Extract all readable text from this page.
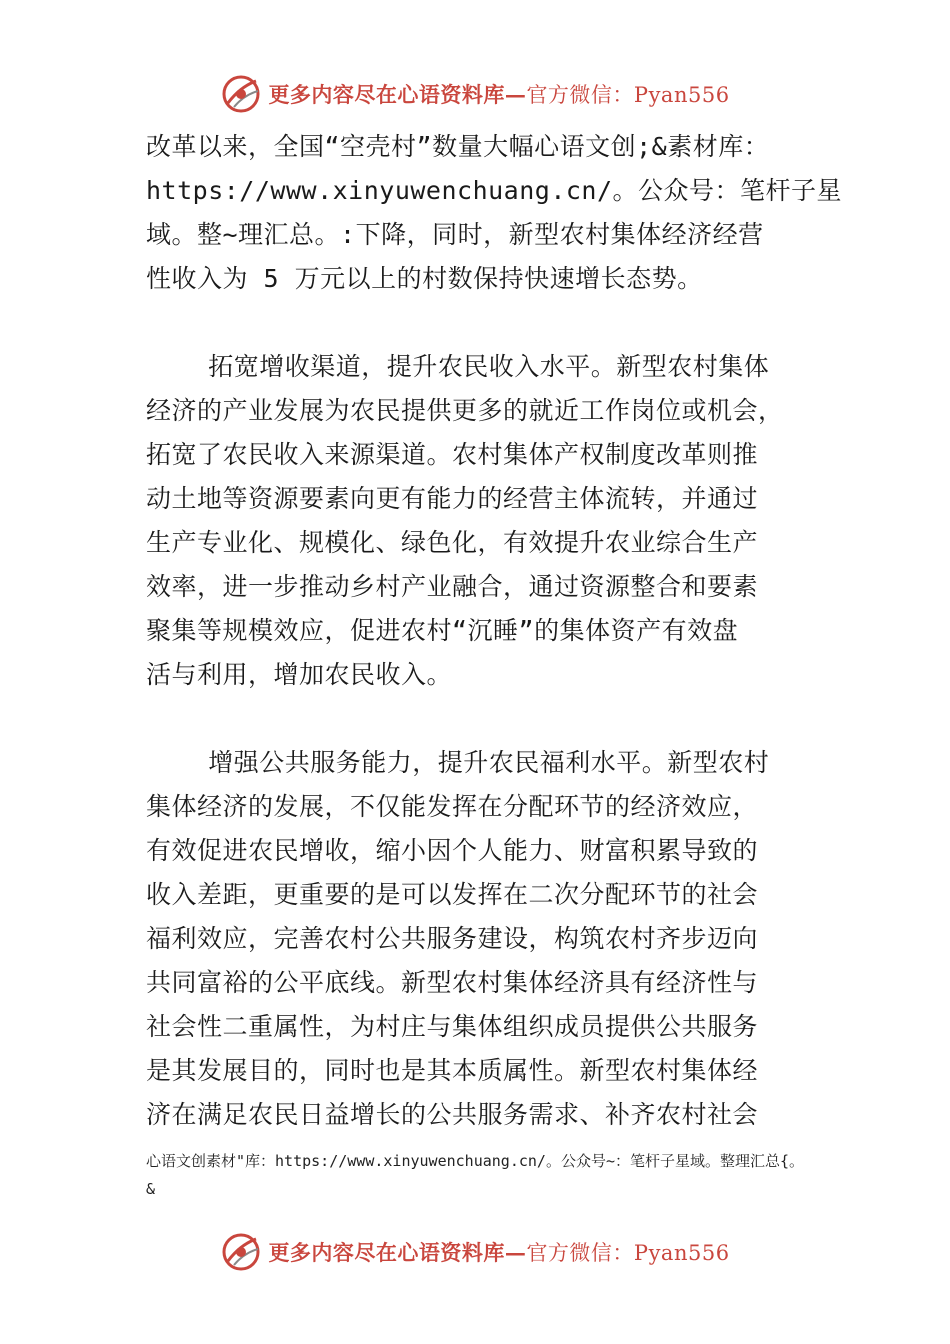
更多内容尽在心语资料库—官方微信：Pyan556
改革以来，全国“空壳村”数量大幅心语文创;&素材库：
https://www.xinyuwenchuang.cn/。公众号：笔杆子星
域。整~理汇总。:下降，同时，新型农村集体经济经营
性收入为 5 万元以上的村数保持快速增长态势。
拓宽增收渠道，提升农民收入水平。新型农村集体
经济的产业发展为农民提供更多的就近工作岗位或机会，
拓宽了农民收入来源渠道。农村集体产权制度改革则推
动土地等资源要素向更有能力的经营主体流转，并通过
生产专业化、规模化、绿色化，有效提升农业综合生产
效率，进一步推动乡村产业融合，通过资源整合和要素
聚集等规模效应，促进农村“沉睡”的集体资产有效盘
活与利用，增加农民收入。
增强公共服务能力，提升农民福利水平。新型农村
集体经济的发展，不仅能发挥在分配环节的经济效应，
有效促进农民增收，缩小因个人能力、财富积累导致的
收入差距，更重要的是可以发挥在二次分配环节的社会
福利效应，完善农村公共服务建设，构筑农村齐步迈向
共同富裕的公平底线。新型农村集体经济具有经济性与
社会性二重属性，为村庄与集体组织成员提供公共服务
是其发展目的，同时也是其本质属性。新型农村集体经
济在满足农民日益增长的公共服务需求、补齐农村社会
心语文创素材"库：https://www.xinyuwenchuang.cn/。公众号~：笔杆子星域。整理汇总{。
&
更多内容尽在心语资料库—官方微信：Pyan556
